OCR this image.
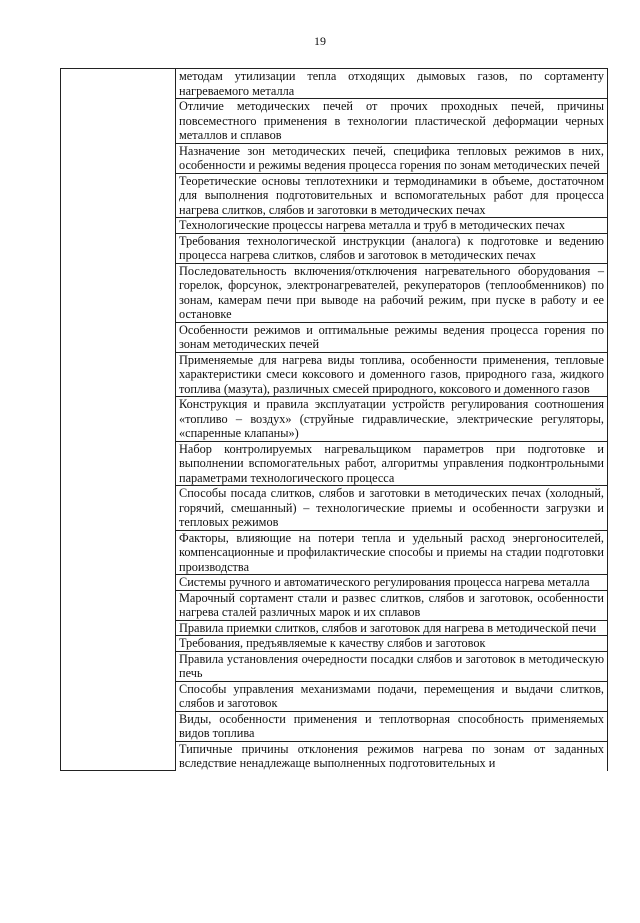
19

методам утилизации тепла отходящих дымовых газов, по сортаменту нагреваемого металла

Отличие методических печей от прочих проходных печей, причины повсеместного применения в технологии пластической деформации черных металлов и сплавов

Назначение зон методических печей, специфика тепловых режимов в них, особенности и режимы ведения процесса горения по зонам методических печей

Теоретические основы теплотехники и термодинамики в объеме, достаточном для выполнения подготовительных и вспомогательных работ для процесса нагрева слитков, слябов и заготовки в методических печах

Технологические процессы нагрева металла и труб в методических печах

Требования технологической инструкции (аналога) к подготовке и ведению процесса нагрева слитков, слябов и заготовок в методических печах

Последовательность включения/отключения нагревательного оборудования – горелок, форсунок, электронагревателей, рекуператоров (теплообменников) по зонам, камерам печи при выводе на рабочий режим, при пуске в работу и ее остановке

Особенности режимов и оптимальные режимы ведения процесса горения по зонам методических печей

Применяемые для нагрева виды топлива, особенности применения, тепловые характеристики смеси коксового и доменного газов, природного газа, жидкого топлива (мазута), различных смесей природного, коксового и доменного газов

Конструкция и правила эксплуатации устройств регулирования соотношения «топливо – воздух» (струйные гидравлические, электрические регуляторы, «спаренные клапаны»)

Набор контролируемых нагревальщиком параметров при подготовке и выполнении вспомогательных работ, алгоритмы управления подконтрольными параметрами технологического процесса

Способы посада слитков, слябов и заготовки в методических печах (холодный, горячий, смешанный) – технологические приемы и особенности загрузки и тепловых режимов

Факторы, влияющие на потери тепла и удельный расход энергоносителей, компенсационные и профилактические способы и приемы на стадии подготовки производства

Системы ручного и автоматического регулирования процесса нагрева металла

Марочный сортамент стали и развес слитков, слябов и заготовок, особенности нагрева сталей различных марок и их сплавов

Правила приемки слитков, слябов и заготовок для нагрева в методической печи

Требования, предъявляемые к качеству слябов и заготовок

Правила установления очередности посадки слябов и заготовок в методическую печь

Способы управления механизмами подачи, перемещения и выдачи слитков, слябов и заготовок

Виды, особенности применения и теплотворная способность применяемых видов топлива

Типичные причины отклонения режимов нагрева по зонам от заданных вследствие ненадлежаще выполненных подготовительных и
